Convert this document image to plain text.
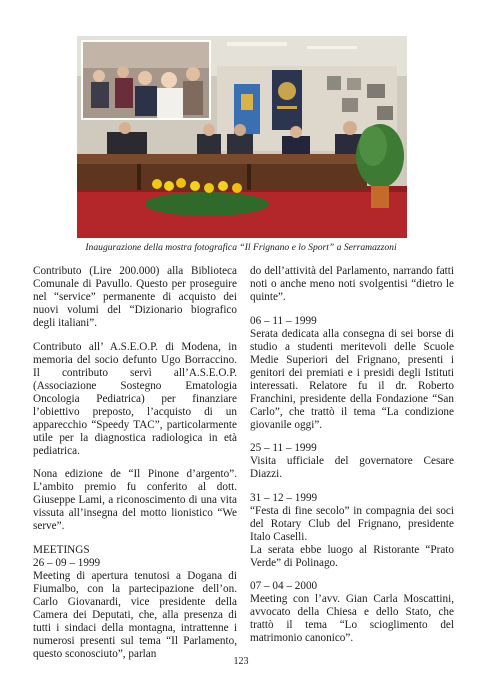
Inaugurazione della mostra fotografica “Il Frignano e lo Sport” a Serramazzoni

Contributo (Lire 200.000) alla Biblioteca Comunale di Pavullo. Questo per proseguire nel “service” permanente di acquisto dei nuovi volumi del “Dizionario biografico degli italiani”.

Contributo all’ A.S.E.O.P. di Modena, in memoria del socio defunto Ugo Borraccino. Il contributo servì all’A.S.E.O.P. (Associazione Sostegno Ematologia Oncologia Pediatrica) per finanziare l’obiettivo preposto, l’acquisto di un apparecchio “Speedy TAC”, particolarmente utile per la diagnostica radiologica in età pediatrica.

Nona edizione de “Il Pinone d’argento”. L’ambito premio fu conferito al dott. Giuseppe Lami, a riconoscimento di una vita vissuta all’insegna del motto lionistico “We serve”.

MEETINGS

26 – 09 – 1999

Meeting di apertura tenutosi a Dogana di Fiumalbo, con la partecipazione dell’on. Carlo Giovanardi, vice presidente della Camera dei Deputati, che, alla presenza di tutti i sindaci della montagna, intrattenne i numerosi presenti sul tema “Il Parlamento, questo sconosciuto”, parlan

do dell’attività del Parlamento, narrando fatti noti o anche meno noti svolgentisi “dietro le quinte”.

06 – 11 – 1999

Serata dedicata alla consegna di sei borse di studio a studenti meritevoli delle Scuole Medie Superiori del Frignano, presenti i genitori dei premiati e i presidi degli Istituti interessati. Relatore fu il dr. Roberto Franchini, presidente della Fondazione “San Carlo”, che trattò il tema “La condizione giovanile oggi”.

25 – 11 – 1999

Visita ufficiale del governatore Cesare Diazzi.

31 – 12 – 1999

“Festa di fine secolo” in compagnia dei soci del Rotary Club del Frignano, presidente Italo Caselli.

La serata ebbe luogo al Ristorante “Prato Verde” di Polinago.

07 – 04 – 2000

Meeting con l’avv. Gian Carla Moscattini, avvocato della Chiesa e dello Stato, che trattò il tema “Lo scioglimento del matrimonio canonico”.

123
